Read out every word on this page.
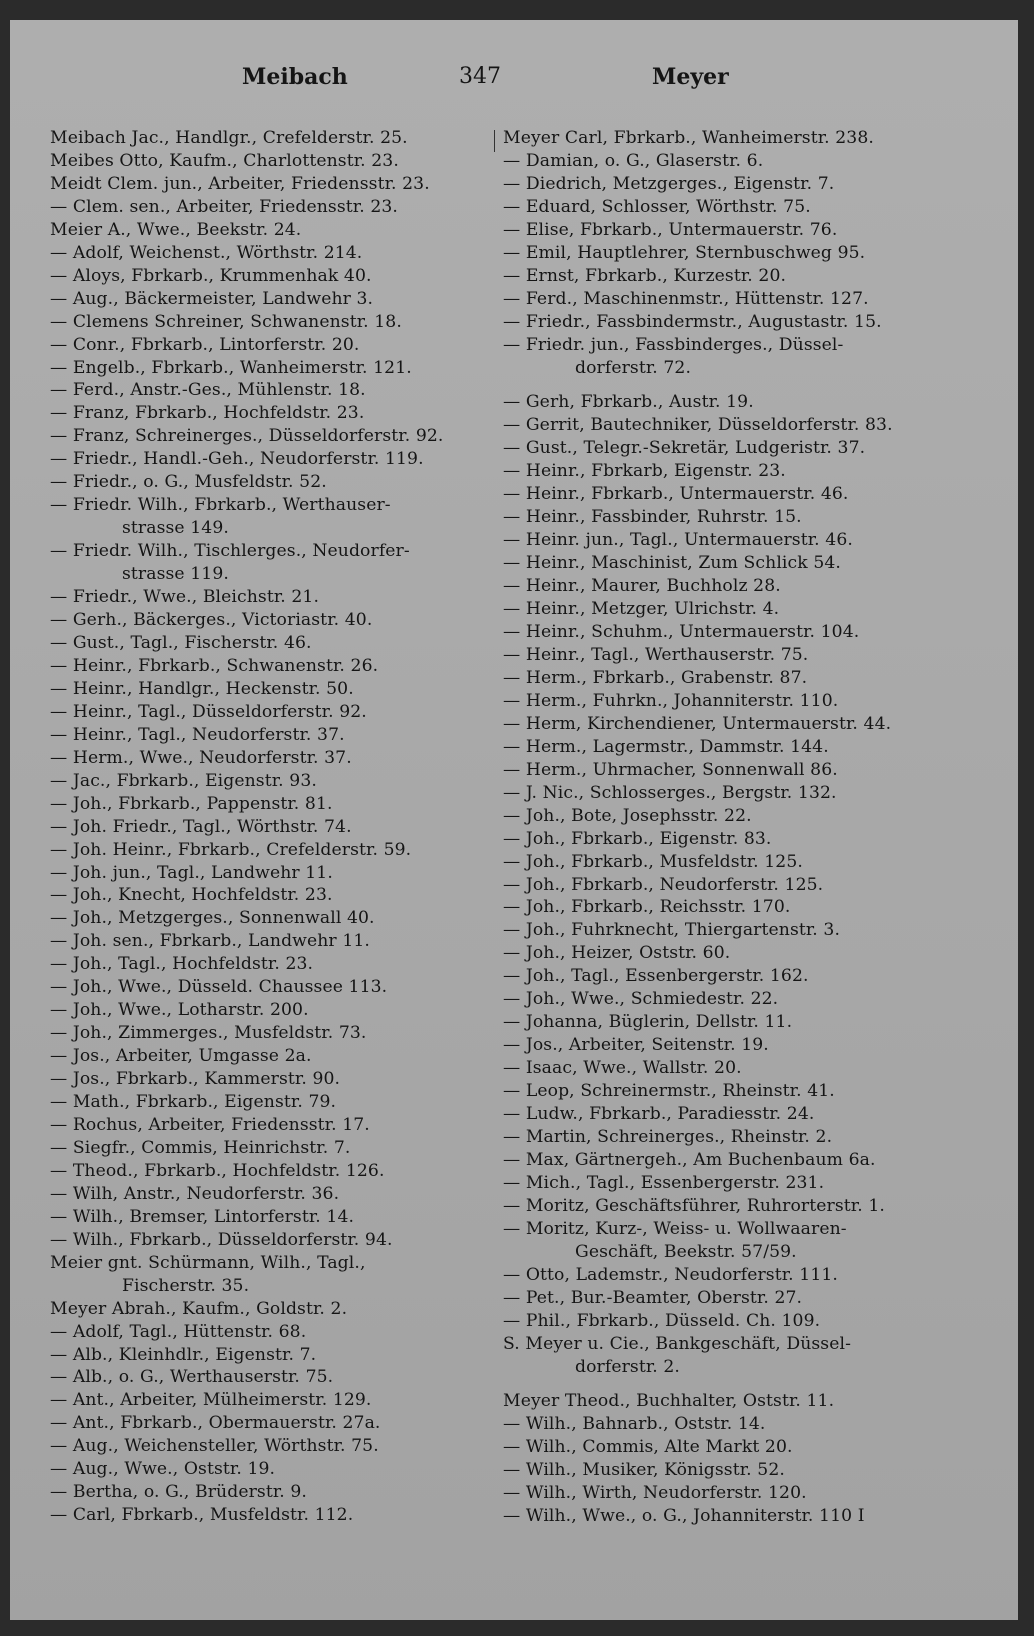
Meibach	347	Meyer
Meibach Jac., Handlgr., Crefelderstr. 25.
Meibes Otto, Kaufm., Charlottenstr. 23.
Meidt Clem. jun., Arbeiter, Friedensstr. 23.
— Clem. sen., Arbeiter, Friedensstr. 23.
Meier A., Wwe., Beekstr. 24.
— Adolf, Weichenst., Wörthstr. 214.
— Aloys, Fbrkarb., Krummenhak 40.
— Aug., Bäckermeister, Landwehr 3.
— Clemens Schreiner, Schwanenstr. 18.
— Conr., Fbrkarb., Lintorferstr. 20.
— Engelb., Fbrkarb., Wanheimerstr. 121.
— Ferd., Anstr.-Ges., Mühlenstr. 18.
— Franz, Fbrkarb., Hochfeldstr. 23.
— Franz, Schreinerges., Düsseldorferstr. 92.
— Friedr., Handl.-Geh., Neudorferstr. 119.
— Friedr., o. G., Musfeldstr. 52.
— Friedr. Wilh., Fbrkarb., Werthauser-
strasse 149.
— Friedr. Wilh., Tischlerges., Neudorfer-
strasse 119.
— Friedr., Wwe., Bleichstr. 21.
— Gerh., Bäckerges., Victoriastr. 40.
— Gust., Tagl., Fischerstr. 46.
— Heinr., Fbrkarb., Schwanenstr. 26.
— Heinr., Handlgr., Heckenstr. 50.
— Heinr., Tagl., Düsseldorferstr. 92.
— Heinr., Tagl., Neudorferstr. 37.
— Herm., Wwe., Neudorferstr. 37.
— Jac., Fbrkarb., Eigenstr. 93.
— Joh., Fbrkarb., Pappenstr. 81.
— Joh. Friedr., Tagl., Wörthstr. 74.
— Joh. Heinr., Fbrkarb., Crefelderstr. 59.
— Joh. jun., Tagl., Landwehr 11.
— Joh., Knecht, Hochfeldstr. 23.
— Joh., Metzgerges., Sonnenwall 40.
— Joh. sen., Fbrkarb., Landwehr 11.
— Joh., Tagl., Hochfeldstr. 23.
— Joh., Wwe., Düsseld. Chaussee 113.
— Joh., Wwe., Lotharstr. 200.
— Joh., Zimmerges., Musfeldstr. 73.
— Jos., Arbeiter, Umgasse 2a.
— Jos., Fbrkarb., Kammerstr. 90.
— Math., Fbrkarb., Eigenstr. 79.
— Rochus, Arbeiter, Friedensstr. 17.
— Siegfr., Commis, Heinrichstr. 7.
— Theod., Fbrkarb., Hochfeldstr. 126.
— Wilh, Anstr., Neudorferstr. 36.
— Wilh., Bremser, Lintorferstr. 14.
— Wilh., Fbrkarb., Düsseldorferstr. 94.
Meier gnt. Schürmann, Wilh., Tagl.,
Fischerstr. 35.
Meyer Abrah., Kaufm., Goldstr. 2.
— Adolf, Tagl., Hüttenstr. 68.
— Alb., Kleinhdlr., Eigenstr. 7.
— Alb., o. G., Werthauserstr. 75.
— Ant., Arbeiter, Mülheimerstr. 129.
— Ant., Fbrkarb., Obermauerstr. 27a.
— Aug., Weichensteller, Wörthstr. 75.
— Aug., Wwe., Oststr. 19.
— Bertha, o. G., Brüderstr. 9.
— Carl, Fbrkarb., Musfeldstr. 112.
Meyer Carl, Fbrkarb., Wanheimerstr. 238.
— Damian, o. G., Glaserstr. 6.
— Diedrich, Metzgerges., Eigenstr. 7.
— Eduard, Schlosser, Wörthstr. 75.
— Elise, Fbrkarb., Untermauerstr. 76.
— Emil, Hauptlehrer, Sternbuschweg 95.
— Ernst, Fbrkarb., Kurzestr. 20.
— Ferd., Maschinenmstr., Hüttenstr. 127.
— Friedr., Fassbindermstr., Augustastr. 15.
— Friedr. jun., Fassbinderges., Düssel-
dorferstr. 72.
— Gerh, Fbrkarb., Austr. 19.
— Gerrit, Bautechniker, Düsseldorferstr. 83.
— Gust., Telegr.-Sekretär, Ludgeristr. 37.
— Heinr., Fbrkarb, Eigenstr. 23.
— Heinr., Fbrkarb., Untermauerstr. 46.
— Heinr., Fassbinder, Ruhrstr. 15.
— Heinr. jun., Tagl., Untermauerstr. 46.
— Heinr., Maschinist, Zum Schlick 54.
— Heinr., Maurer, Buchholz 28.
— Heinr., Metzger, Ulrichstr. 4.
— Heinr., Schuhm., Untermauerstr. 104.
— Heinr., Tagl., Werthauserstr. 75.
— Herm., Fbrkarb., Grabenstr. 87.
— Herm., Fuhrkn., Johanniterstr. 110.
— Herm, Kirchendiener, Untermauerstr. 44.
— Herm., Lagermstr., Dammstr. 144.
— Herm., Uhrmacher, Sonnenwall 86.
— J. Nic., Schlosserges., Bergstr. 132.
— Joh., Bote, Josephsstr. 22.
— Joh., Fbrkarb., Eigenstr. 83.
— Joh., Fbrkarb., Musfeldstr. 125.
— Joh., Fbrkarb., Neudorferstr. 125.
— Joh., Fbrkarb., Reichsstr. 170.
— Joh., Fuhrknecht, Thiergartenstr. 3.
— Joh., Heizer, Oststr. 60.
— Joh., Tagl., Essenbergerstr. 162.
— Joh., Wwe., Schmiedestr. 22.
— Johanna, Büglerin, Dellstr. 11.
— Jos., Arbeiter, Seitenstr. 19.
— Isaac, Wwe., Wallstr. 20.
— Leop, Schreinermstr., Rheinstr. 41.
— Ludw., Fbrkarb., Paradiesstr. 24.
— Martin, Schreinerges., Rheinstr. 2.
— Max, Gärtnergeh., Am Buchenbaum 6a.
— Mich., Tagl., Essenbergerstr. 231.
— Moritz, Geschäftsführer, Ruhrorterstr. 1.
— Moritz, Kurz-, Weiss- u. Wollwaaren-
Geschäft, Beekstr. 57/59.
— Otto, Lademstr., Neudorferstr. 111.
— Pet., Bur.-Beamter, Oberstr. 27.
— Phil., Fbrkarb., Düsseld. Ch. 109.
S. Meyer u. Cie., Bankgeschäft, Düssel-
dorferstr. 2.
Meyer Theod., Buchhalter, Oststr. 11.
— Wilh., Bahnarb., Oststr. 14.
— Wilh., Commis, Alte Markt 20.
— Wilh., Musiker, Königsstr. 52.
— Wilh., Wirth, Neudorferstr. 120.
— Wilh., Wwe., o. G., Johanniterstr. 110 I
